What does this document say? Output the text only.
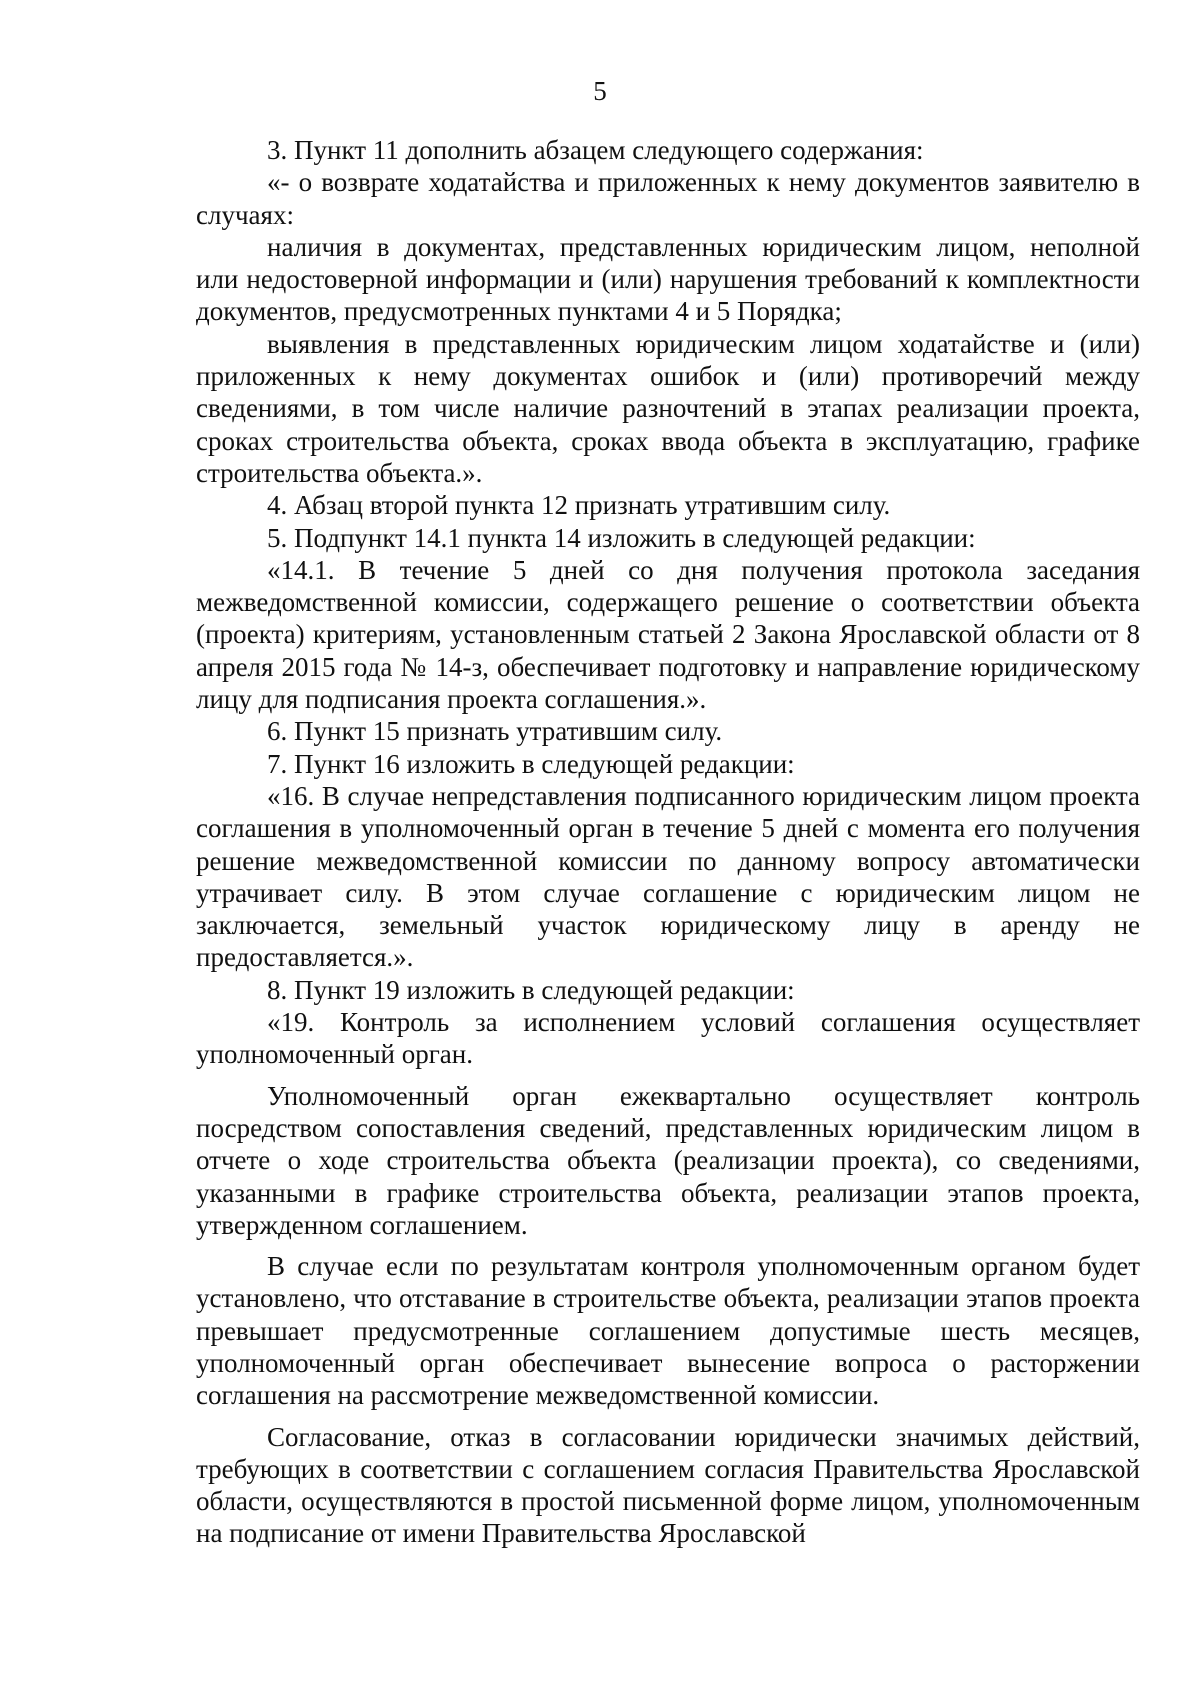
5

3. Пункт 11 дополнить абзацем следующего содержания:

«- о возврате ходатайства и приложенных к нему документов заявителю в случаях:

наличия в документах, представленных юридическим лицом, неполной или недостоверной информации и (или) нарушения требований к комплектности документов, предусмотренных пунктами 4 и 5 Порядка;

выявления в представленных юридическим лицом ходатайстве и (или) приложенных к нему документах ошибок и (или) противоречий между сведениями, в том числе наличие разночтений в этапах реализации проекта, сроках строительства объекта, сроках ввода объекта в эксплуатацию, графике строительства объекта.».

4. Абзац второй пункта 12 признать утратившим силу.

5. Подпункт 14.1 пункта 14 изложить в следующей редакции:

«14.1. В течение 5 дней со дня получения протокола заседания межведомственной комиссии, содержащего решение о соответствии объекта (проекта) критериям, установленным статьей 2 Закона Ярославской области от 8 апреля 2015 года № 14-з, обеспечивает подготовку и направление юридическому лицу для подписания проекта соглашения.».

6. Пункт 15 признать утратившим силу.

7. Пункт 16 изложить в следующей редакции:

«16. В случае непредставления подписанного юридическим лицом проекта соглашения в уполномоченный орган в течение 5 дней с момента его получения решение межведомственной комиссии по данному вопросу автоматически утрачивает силу. В этом случае соглашение с юридическим лицом не заключается, земельный участок юридическому лицу в аренду не предоставляется.».

8. Пункт 19 изложить в следующей редакции:

«19. Контроль за исполнением условий соглашения осуществляет уполномоченный орган.

Уполномоченный орган ежеквартально осуществляет контроль посредством сопоставления сведений, представленных юридическим лицом в отчете о ходе строительства объекта (реализации проекта), со сведениями, указанными в графике строительства объекта, реализации этапов проекта, утвержденном соглашением.

В случае если по результатам контроля уполномоченным органом будет установлено, что отставание в строительстве объекта, реализации этапов проекта превышает предусмотренные соглашением допустимые шесть месяцев, уполномоченный орган обеспечивает вынесение вопроса о расторжении соглашения на рассмотрение межведомственной комиссии.

Согласование, отказ в согласовании юридически значимых действий, требующих в соответствии с соглашением согласия Правительства Ярославской области, осуществляются в простой письменной форме лицом, уполномоченным на подписание от имени Правительства Ярославской
